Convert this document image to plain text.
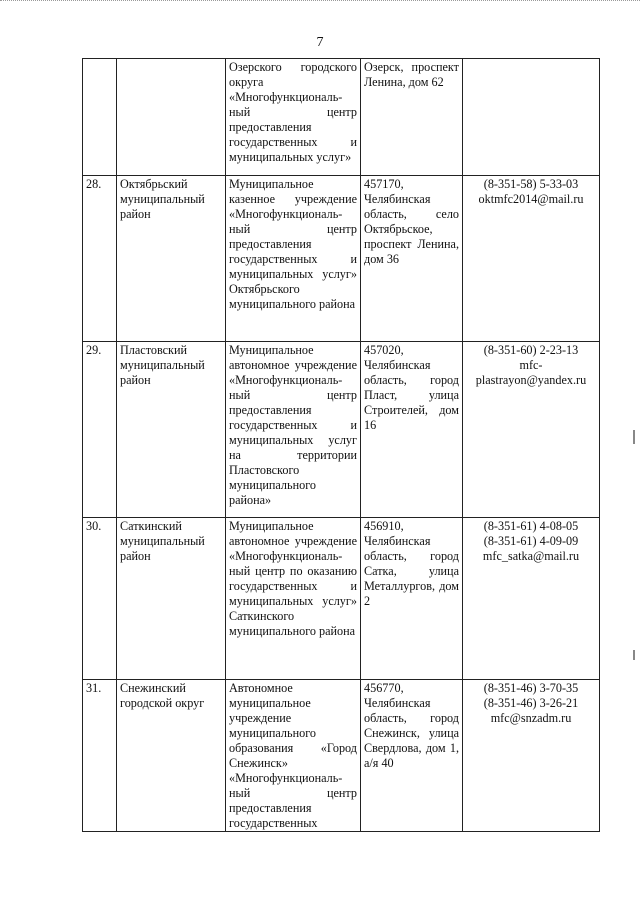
7
		Озерского городского округа «Многофункциональ-ный центр предоставления государственных и муниципальных услуг»	Озерск, проспект Ленина, дом 62	
28.	Октябрьский муниципальный район	Муниципальное казенное учреждение «Многофункциональ-ный центр предоставления государственных и муниципальных услуг» Октябрьского муниципального района	457170, Челябинская область, село Октябрьское, проспект Ленина, дом 36	(8-351-58) 5-33-03
oktmfc2014@mail.ru

29.	Пластовский муниципальный район	Муниципальное автономное учреждение «Многофункциональ-ный центр предоставления государственных и муниципальных услуг на территории Пластовского муниципального района»	457020, Челябинская область, город Пласт, улица Строителей, дом 16	(8-351-60) 2-23-13
mfc-
plastrayon@yandex.ru

30.	Саткинский муниципальный район	Муниципальное автономное учреждение «Многофункциональ-ный центр по оказанию государственных и муниципальных услуг» Саткинского муниципального района	456910, Челябинская область, город Сатка, улица Металлургов, дом 2	(8-351-61) 4-08-05
(8-351-61) 4-09-09
mfc_satka@mail.ru

31.	Снежинский городской округ	Автономное муниципальное учреждение муниципального образования «Город Снежинск» «Многофункциональ-ный центр предоставления государственных	456770, Челябинская область, город Снежинск, улица Свердлова, дом 1, а/я 40	(8-351-46) 3-70-35
(8-351-46) 3-26-21
mfc@snzadm.ru
